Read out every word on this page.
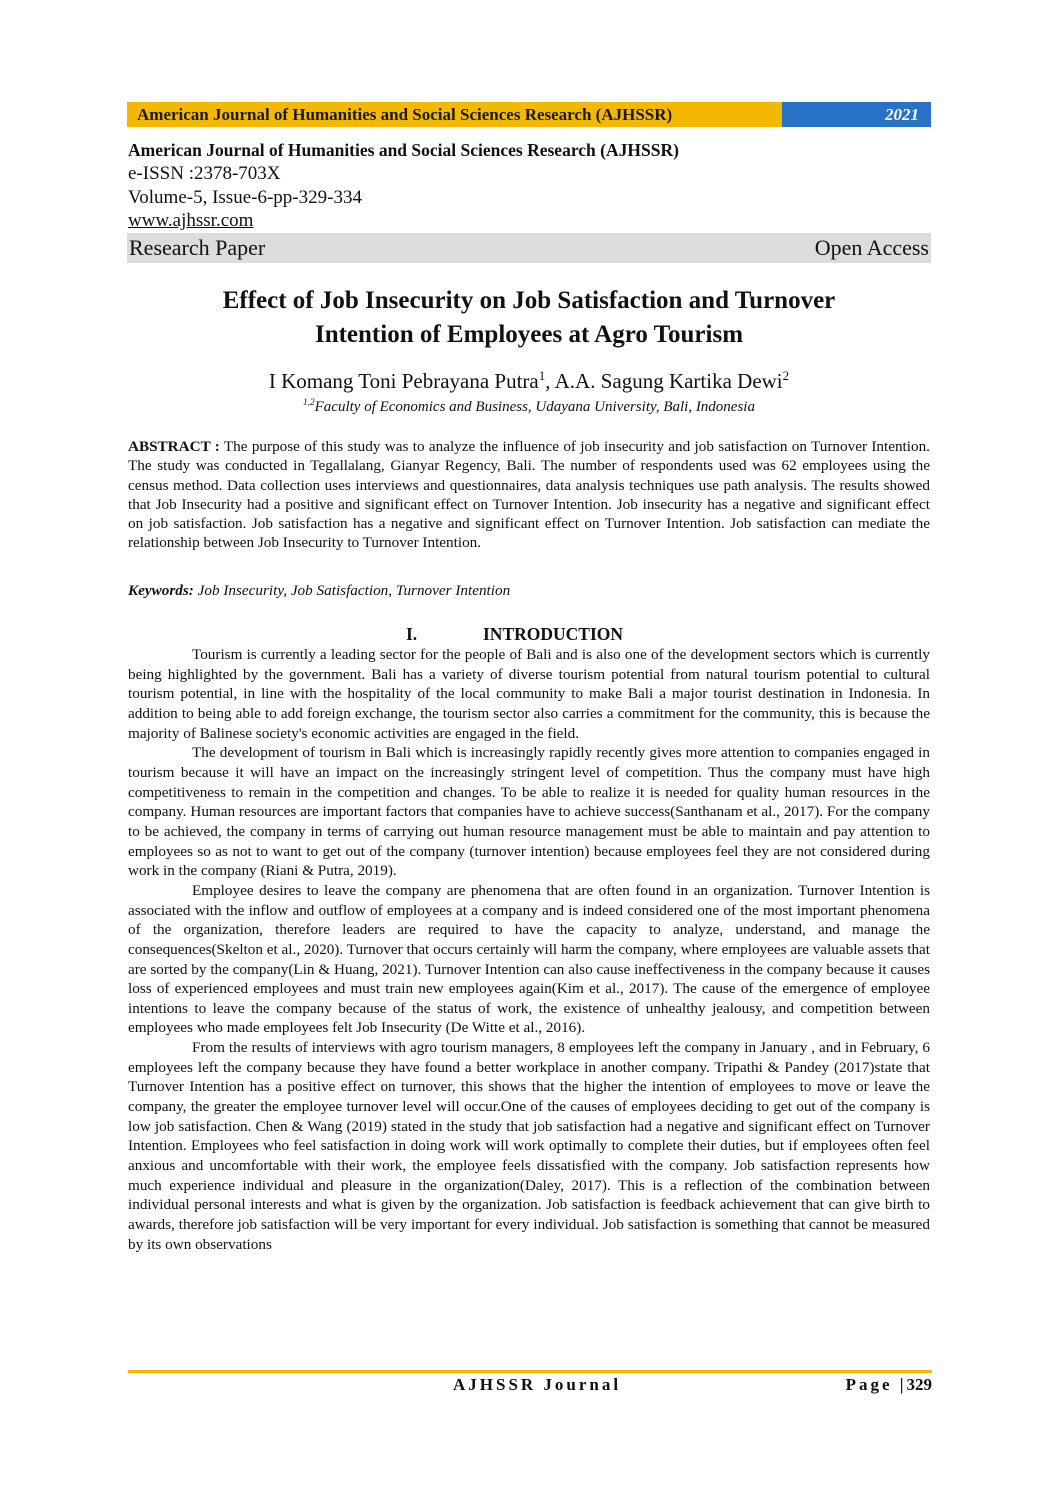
American Journal of Humanities and Social Sciences Research (AJHSSR)	2021
American Journal of Humanities and Social Sciences Research (AJHSSR)
e-ISSN :2378-703X
Volume-5, Issue-6-pp-329-334
www.ajhssr.com
Research Paper	Open Access
Effect of Job Insecurity on Job Satisfaction and Turnover
Intention of Employees at Agro Tourism
I Komang Toni Pebrayana Putra$^1$, A.A. Sagung Kartika Dewi$^2$
$^{1,2}$Faculty of Economics and Business, Udayana University, Bali, Indonesia
ABSTRACT : The purpose of this study was to analyze the influence of job insecurity and job satisfaction on Turnover Intention. The study was conducted in Tegallalang, Gianyar Regency, Bali. The number of respondents used was 62 employees using the census method. Data collection uses interviews and questionnaires, data analysis techniques use path analysis. The results showed that Job Insecurity had a positive and significant effect on Turnover Intention. Job insecurity has a negative and significant effect on job satisfaction. Job satisfaction has a negative and significant effect on Turnover Intention. Job satisfaction can mediate the relationship between Job Insecurity to Turnover Intention.
Keywords: Job Insecurity, Job Satisfaction, Turnover Intention
I.	INTRODUCTION

Tourism is currently a leading sector for the people of Bali and is also one of the development sectors which is currently being highlighted by the government. Bali has a variety of diverse tourism potential from natural tourism potential to cultural tourism potential, in line with the hospitality of the local community to make Bali a major tourist destination in Indonesia. In addition to being able to add foreign exchange, the tourism sector also carries a commitment for the community, this is because the majority of Balinese society's economic activities are engaged in the field.

The development of tourism in Bali which is increasingly rapidly recently gives more attention to companies engaged in tourism because it will have an impact on the increasingly stringent level of competition. Thus the company must have high competitiveness to remain in the competition and changes. To be able to realize it is needed for quality human resources in the company. Human resources are important factors that companies have to achieve success(Santhanam et al., 2017). For the company to be achieved, the company in terms of carrying out human resource management must be able to maintain and pay attention to employees so as not to want to get out of the company (turnover intention) because employees feel they are not considered during work in the company (Riani & Putra, 2019).

Employee desires to leave the company are phenomena that are often found in an organization. Turnover Intention is associated with the inflow and outflow of employees at a company and is indeed considered one of the most important phenomena of the organization, therefore leaders are required to have the capacity to analyze, understand, and manage the consequences(Skelton et al., 2020). Turnover that occurs certainly will harm the company, where employees are valuable assets that are sorted by the company(Lin & Huang, 2021). Turnover Intention can also cause ineffectiveness in the company because it causes loss of experienced employees and must train new employees again(Kim et al., 2017). The cause of the emergence of employee intentions to leave the company because of the status of work, the existence of unhealthy jealousy, and competition between employees who made employees felt Job Insecurity (De Witte et al., 2016).

From the results of interviews with agro tourism managers, 8 employees left the company in January , and in February, 6 employees left the company because they have found a better workplace in another company. Tripathi & Pandey (2017)state that Turnover Intention has a positive effect on turnover, this shows that the higher the intention of employees to move or leave the company, the greater the employee turnover level will occur.One of the causes of employees deciding to get out of the company is low job satisfaction. Chen & Wang (2019) stated in the study that job satisfaction had a negative and significant effect on Turnover Intention. Employees who feel satisfaction in doing work will work optimally to complete their duties, but if employees often feel anxious and uncomfortable with their work, the employee feels dissatisfied with the company. Job satisfaction represents how much experience individual and pleasure in the organization(Daley, 2017). This is a reflection of the combination between individual personal interests and what is given by the organization. Job satisfaction is feedback achievement that can give birth to awards, therefore job satisfaction will be very important for every individual. Job satisfaction is something that cannot be measured by its own observations

AJHSSR Journal	Page |329
